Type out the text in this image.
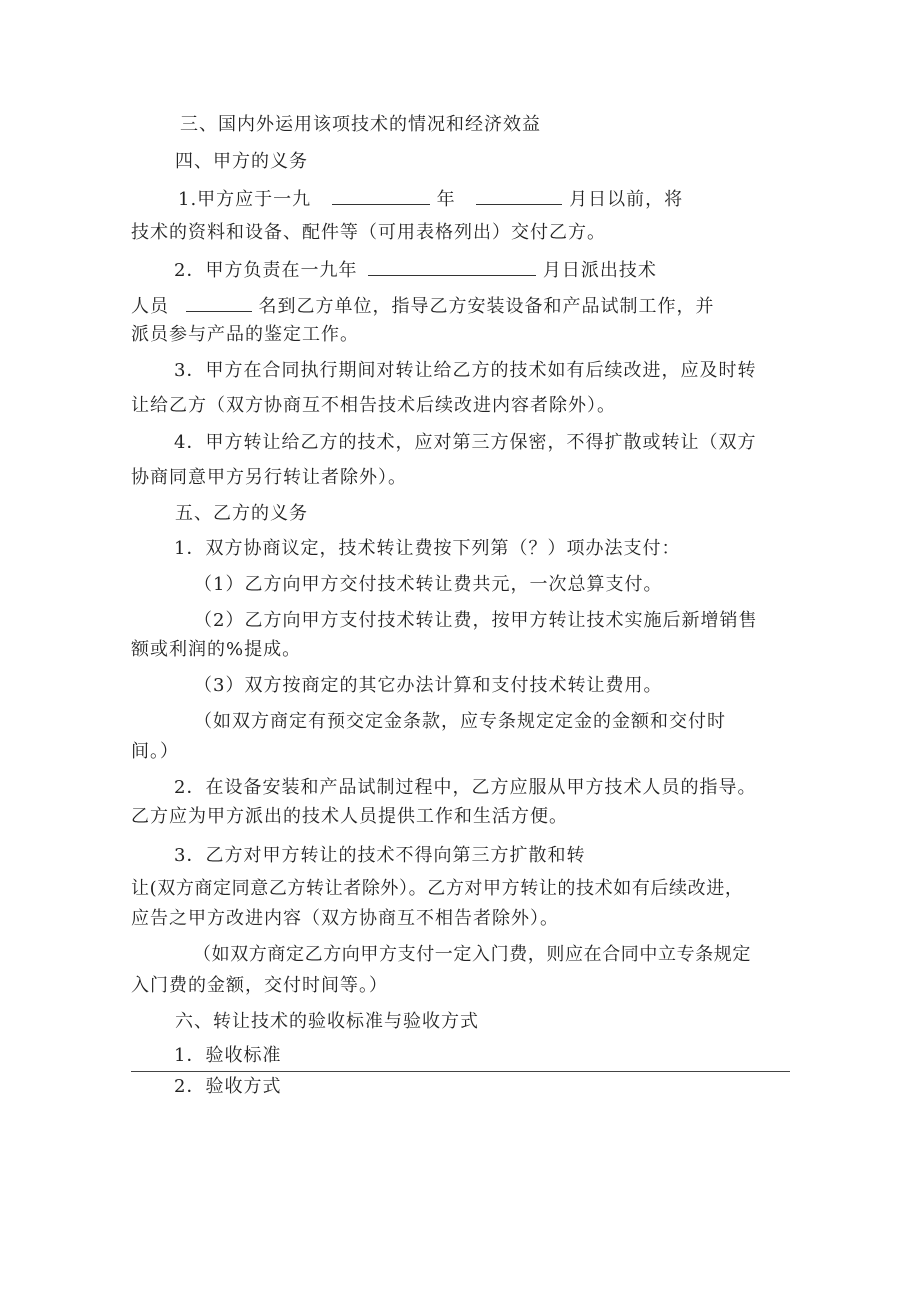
三、国内外运用该项技术的情况和经济效益
四、甲方的义务
1.甲方应于一九	年	月日以前，将
技术的资料和设备、配件等（可用表格列出）交付乙方。
2．甲方负责在一九年	月日派出技术
人员	名到乙方单位，指导乙方安装设备和产品试制工作，并
派员参与产品的鉴定工作。
3．甲方在合同执行期间对转让给乙方的技术如有后续改进，应及时转
让给乙方（双方协商互不相告技术后续改进内容者除外）。
4．甲方转让给乙方的技术，应对第三方保密，不得扩散或转让（双方
协商同意甲方另行转让者除外）。
五、乙方的义务
1．双方协商议定，技术转让费按下列第（？）项办法支付：
（1）乙方向甲方交付技术转让费共元，一次总算支付。
（2）乙方向甲方支付技术转让费，按甲方转让技术实施后新增销售
额或利润的%提成。
（3）双方按商定的其它办法计算和支付技术转让费用。
（如双方商定有预交定金条款，应专条规定定金的金额和交付时
间。）
2．在设备安装和产品试制过程中，乙方应服从甲方技术人员的指导。
乙方应为甲方派出的技术人员提供工作和生活方便。
3．乙方对甲方转让的技术不得向第三方扩散和转
让(双方商定同意乙方转让者除外）。乙方对甲方转让的技术如有后续改进，
应告之甲方改进内容（双方协商互不相告者除外）。
（如双方商定乙方向甲方支付一定入门费，则应在合同中立专条规定
入门费的金额，交付时间等。）
六、转让技术的验收标准与验收方式
1．验收标准
2．验收方式
